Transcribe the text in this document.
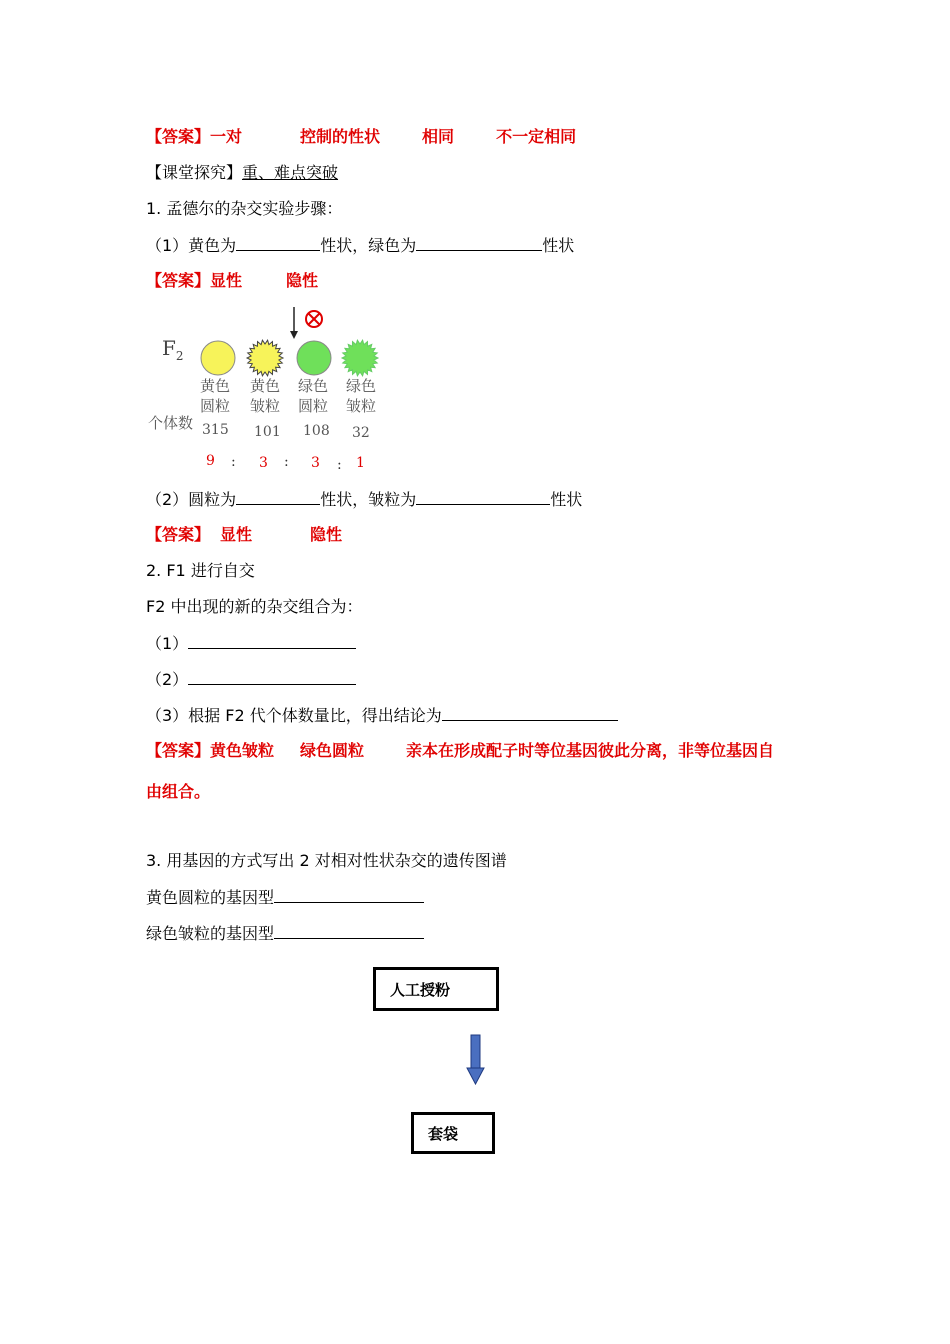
【答案】一对	控制的性状	相同	不一定相同
【课堂探究】重、难点突破
1. 孟德尔的杂交实验步骤：
（1）黄色为	性状，绿色为	性状
【答案】显性	隐性
$F_2$
黄色
圆粒
黄色
皱粒
绿色
圆粒
绿色
皱粒
个体数 315 101 108 32
9 : 3 : 3 : 1
（2）圆粒为	性状，皱粒为	性状
【答案】 显性	隐性
2. F1 进行自交
F2 中出现的新的杂交组合为：
（1）
（2）
（3）根据 F2 代个体数量比，得出结论为
【答案】黄色皱粒 绿色圆粒	亲本在形成配子时等位基因彼此分离，非等位基因自
由组合。
3. 用基因的方式写出 2 对相对性状杂交的遗传图谱
黄色圆粒的基因型
绿色皱粒的基因型
人工授粉
套袋
